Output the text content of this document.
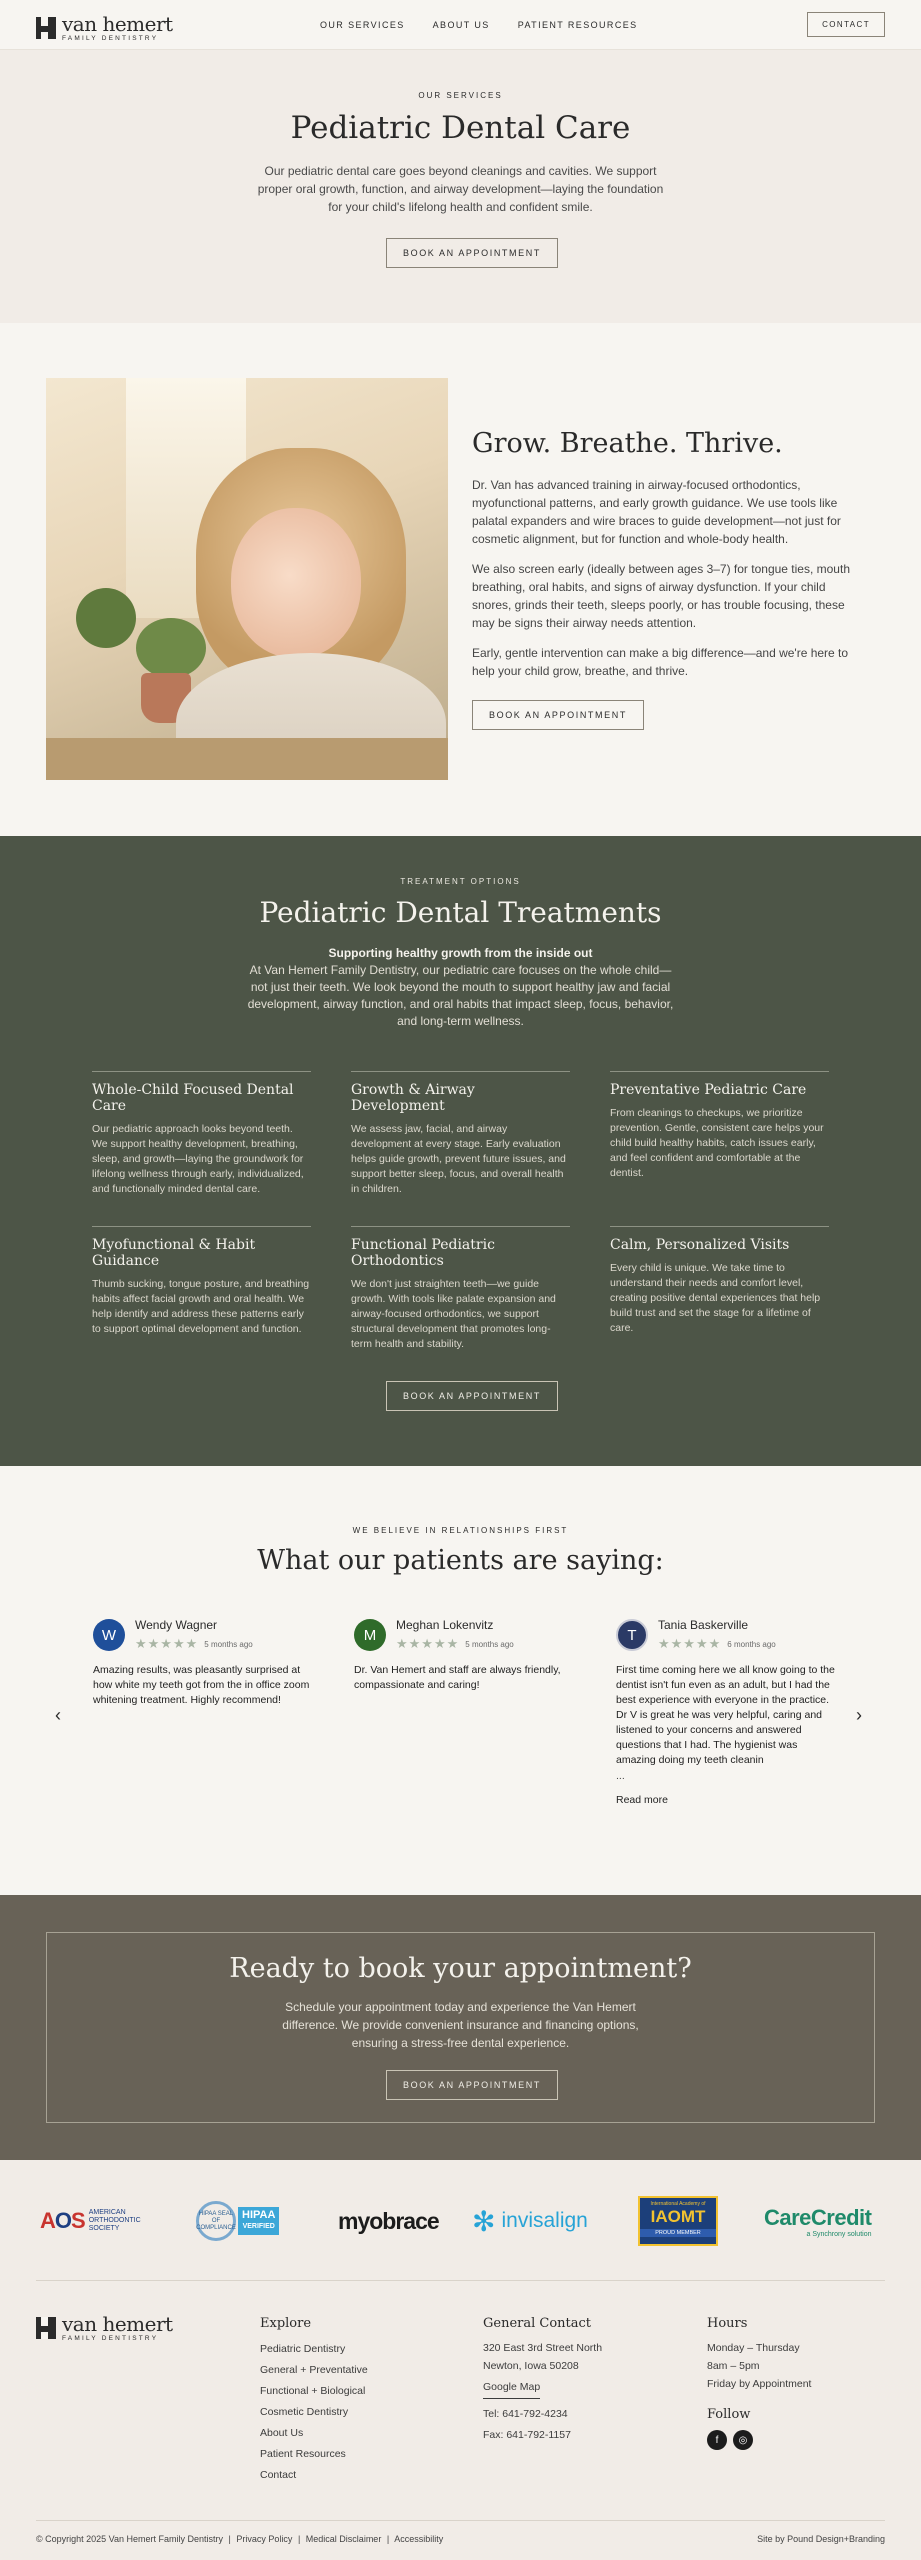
van hemert
FAMILY DENTISTRY
OUR SERVICES	ABOUT US	PATIENT RESOURCES	CONTACT
OUR SERVICES
Pediatric Dental Care

Our pediatric dental care goes beyond cleanings and cavities. We support proper oral growth, function, and airway development—laying the foundation for your child's lifelong health and confident smile.

BOOK AN APPOINTMENT
Grow. Breathe. Thrive.

Dr. Van has advanced training in airway-focused orthodontics, myofunctional patterns, and early growth guidance. We use tools like palatal expanders and wire braces to guide development—not just for cosmetic alignment, but for function and whole-body health.

We also screen early (ideally between ages 3–7) for tongue ties, mouth breathing, oral habits, and signs of airway dysfunction. If your child snores, grinds their teeth, sleeps poorly, or has trouble focusing, these may be signs their airway needs attention.

Early, gentle intervention can make a big difference—and we're here to help your child grow, breathe, and thrive.

BOOK AN APPOINTMENT
TREATMENT OPTIONS
Pediatric Dental Treatments
Supporting healthy growth from the inside out

At Van Hemert Family Dentistry, our pediatric care focuses on the whole child—not just their teeth. We look beyond the mouth to support healthy jaw and facial development, airway function, and oral habits that impact sleep, focus, behavior, and long-term wellness.

Whole-Child Focused Dental Care

Our pediatric approach looks beyond teeth. We support healthy development, breathing, sleep, and growth—laying the groundwork for lifelong wellness through early, individualized, and functionally minded dental care.

Growth & Airway Development

We assess jaw, facial, and airway development at every stage. Early evaluation helps guide growth, prevent future issues, and support better sleep, focus, and overall health in children.

Preventative Pediatric Care

From cleanings to checkups, we prioritize prevention. Gentle, consistent care helps your child build healthy habits, catch issues early, and feel confident and comfortable at the dentist.

Myofunctional & Habit Guidance

Thumb sucking, tongue posture, and breathing habits affect facial growth and oral health. We help identify and address these patterns early to support optimal development and function.

Functional Pediatric Orthodontics

We don't just straighten teeth—we guide growth. With tools like palate expansion and airway-focused orthodontics, we support structural development that promotes long-term health and stability.

Calm, Personalized Visits

Every child is unique. We take time to understand their needs and comfort level, creating positive dental experiences that help build trust and set the stage for a lifetime of care.

BOOK AN APPOINTMENT
WE BELIEVE IN RELATIONSHIPS FIRST
What our patients are saying:
‹	›
W
Wendy Wagner
★★★★★ 5 months ago

Amazing results, was pleasantly surprised at how white my teeth got from the in office zoom whitening treatment. Highly recommend!

M
Meghan Lokenvitz
★★★★★ 5 months ago

Dr. Van Hemert and staff are always friendly, compassionate and caring!

T
Tania Baskerville
★★★★★ 6 months ago

First time coming here we all know going to the dentist isn't fun even as an adult, but I had the best experience with everyone in the practice. Dr V is great he was very helpful, caring and listened to your concerns and answered questions that I had. The hygienist was amazing doing my teeth cleanin

...
Read more
Ready to book your appointment?

Schedule your appointment today and experience the Van Hemert difference. We provide convenient insurance and financing options, ensuring a stress-free dental experience.

BOOK AN APPOINTMENT
AOS AMERICAN
ORTHODONTIC
SOCIETY
HIPAA SEAL OF COMPLIANCE
HIPAA
VERIFIED	myobrace ✻ invisalign
International Academy of
IAOMT
PROUD MEMBER
CareCredit
a Synchrony solution
van hemert
FAMILY DENTISTRY
Explore
Pediatric Dentistry
General + Preventative
Functional + Biological
Cosmetic Dentistry
About Us
Patient Resources
Contact
General Contact
320 East 3rd Street North
Newton, Iowa 50208
Google Map
Tel: 641-792-4234
Fax: 641-792-1157
Hours
Monday – Thursday
8am – 5pm
Friday by Appointment
Follow
f	◎
© Copyright 2025 Van Hemert Family Dentistry | Privacy Policy | Medical Disclaimer | Accessibility	Site by Pound Design+Branding
